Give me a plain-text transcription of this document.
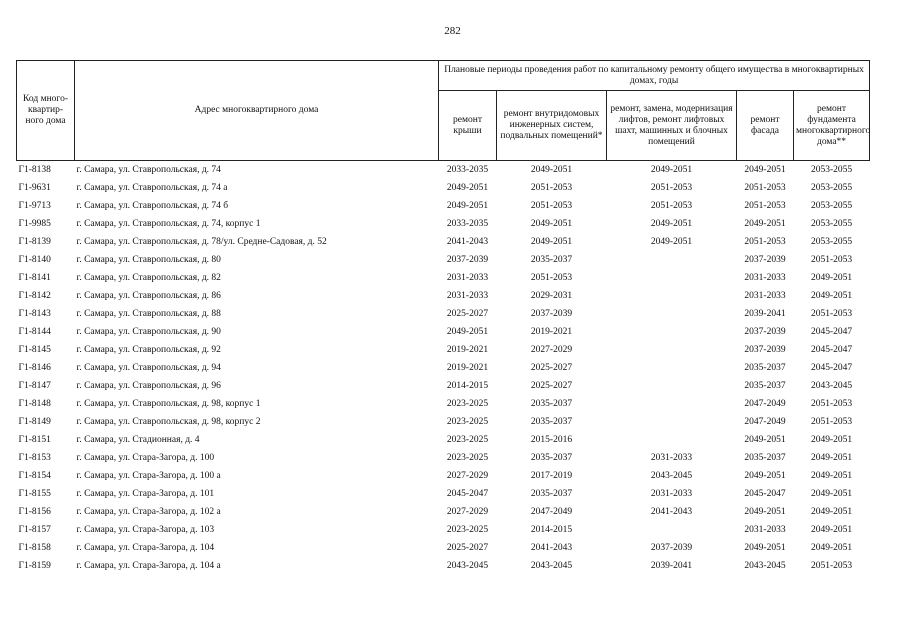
282
Код много-квартир-ного дома	Адрес многоквартирного дома	Плановые периоды проведения работ по капитальному ремонту общего имущества в многоквартирных домах, годы				
		ремонт крыши	ремонт внутридомовых инженерных систем, подвальных помещений*	ремонт, замена, модернизация лифтов, ремонт лифтовых шахт, машинных и блочных помещений	ремонт фасада	ремонт фундамента многоквартирного дома**
Г1-8138	г. Самара, ул. Ставропольская, д. 74	2033-2035	2049-2051	2049-2051	2049-2051	2053-2055
Г1-9631	г. Самара, ул. Ставропольская, д. 74 а	2049-2051	2051-2053	2051-2053	2051-2053	2053-2055
Г1-9713	г. Самара, ул. Ставропольская, д. 74 б	2049-2051	2051-2053	2051-2053	2051-2053	2053-2055
Г1-9985	г. Самара, ул. Ставропольская, д. 74, корпус 1	2033-2035	2049-2051	2049-2051	2049-2051	2053-2055
Г1-8139	г. Самара, ул. Ставропольская, д. 78/ул. Средне-Садовая, д. 52	2041-2043	2049-2051	2049-2051	2051-2053	2053-2055
Г1-8140	г. Самара, ул. Ставропольская, д. 80	2037-2039	2035-2037		2037-2039	2051-2053
Г1-8141	г. Самара, ул. Ставропольская, д. 82	2031-2033	2051-2053		2031-2033	2049-2051
Г1-8142	г. Самара, ул. Ставропольская, д. 86	2031-2033	2029-2031		2031-2033	2049-2051
Г1-8143	г. Самара, ул. Ставропольская, д. 88	2025-2027	2037-2039		2039-2041	2051-2053
Г1-8144	г. Самара, ул. Ставропольская, д. 90	2049-2051	2019-2021		2037-2039	2045-2047
Г1-8145	г. Самара, ул. Ставропольская, д. 92	2019-2021	2027-2029		2037-2039	2045-2047
Г1-8146	г. Самара, ул. Ставропольская, д. 94	2019-2021	2025-2027		2035-2037	2045-2047
Г1-8147	г. Самара, ул. Ставропольская, д. 96	2014-2015	2025-2027		2035-2037	2043-2045
Г1-8148	г. Самара, ул. Ставропольская, д. 98, корпус 1	2023-2025	2035-2037		2047-2049	2051-2053
Г1-8149	г. Самара, ул. Ставропольская, д. 98, корпус 2	2023-2025	2035-2037		2047-2049	2051-2053
Г1-8151	г. Самара, ул. Стадионная, д. 4	2023-2025	2015-2016		2049-2051	2049-2051
Г1-8153	г. Самара, ул. Стара-Загора, д. 100	2023-2025	2035-2037	2031-2033	2035-2037	2049-2051
Г1-8154	г. Самара, ул. Стара-Загора, д. 100 а	2027-2029	2017-2019	2043-2045	2049-2051	2049-2051
Г1-8155	г. Самара, ул. Стара-Загора, д. 101	2045-2047	2035-2037	2031-2033	2045-2047	2049-2051
Г1-8156	г. Самара, ул. Стара-Загора, д. 102 а	2027-2029	2047-2049	2041-2043	2049-2051	2049-2051
Г1-8157	г. Самара, ул. Стара-Загора, д. 103	2023-2025	2014-2015		2031-2033	2049-2051
Г1-8158	г. Самара, ул. Стара-Загора, д. 104	2025-2027	2041-2043	2037-2039	2049-2051	2049-2051
Г1-8159	г. Самара, ул. Стара-Загора, д. 104 а	2043-2045	2043-2045	2039-2041	2043-2045	2051-2053
